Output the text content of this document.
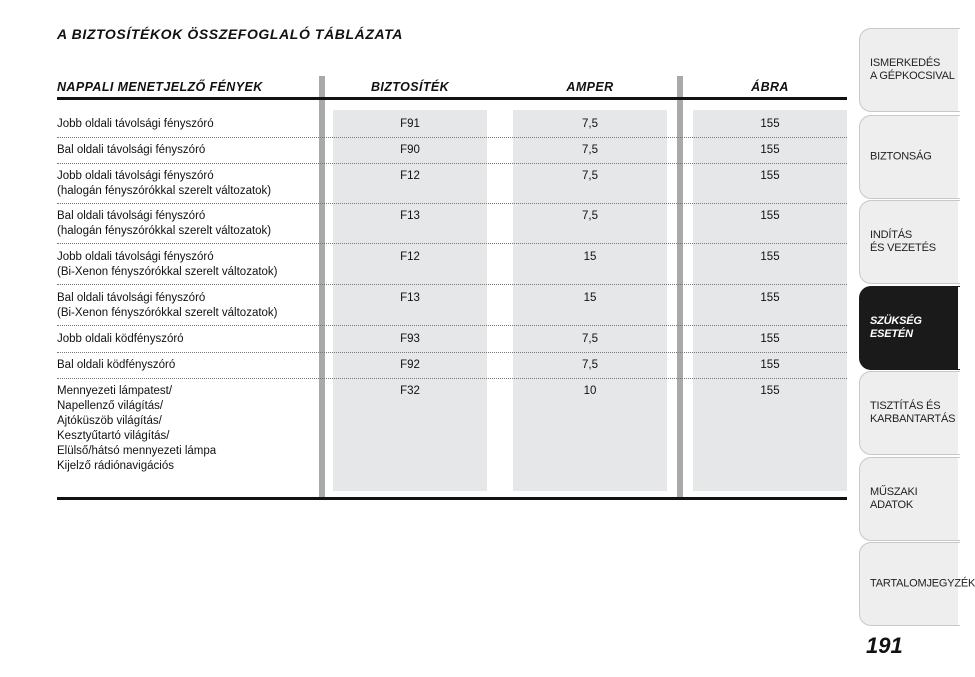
A BIZTOSÍTÉKOK ÖSSZEFOGLALÓ TÁBLÁZATA
NAPPALI MENETJELZŐ FÉNYEK	BIZTOSÍTÉK	AMPER	ÁBRA
Jobb oldali távolsági fényszóró	F91	7,5	155
Bal oldali távolsági fényszóró	F90	7,5	155
Jobb oldali távolsági fényszóró
(halogán fényszórókkal szerelt változatok)
F12	7,5	155
Bal oldali távolsági fényszóró
(halogán fényszórókkal szerelt változatok)
F13	7,5	155
Jobb oldali távolsági fényszóró
(Bi-Xenon fényszórókkal szerelt változatok)
F12	15	155
Bal oldali távolsági fényszóró
(Bi-Xenon fényszórókkal szerelt változatok)
F13	15	155
Jobb oldali ködfényszóró	F93	7,5	155
Bal oldali ködfényszóró	F92	7,5	155
Mennyezeti lámpatest/
Napellenző világítás/
Ajtóküszöb világítás/
Kesztyűtartó világítás/
Elülső/hátsó mennyezeti lámpa
Kijelző rádiónavigációs
F32	10	155
ISMERKEDÉS
A GÉPKOCSIVAL
BIZTONSÁG
INDÍTÁS
ÉS VEZETÉS
SZÜKSÉG
ESETÉN
TISZTÍTÁS ÉS
KARBANTARTÁS
MŰSZAKI
ADATOK
TARTALOMJEGYZÉK
191
